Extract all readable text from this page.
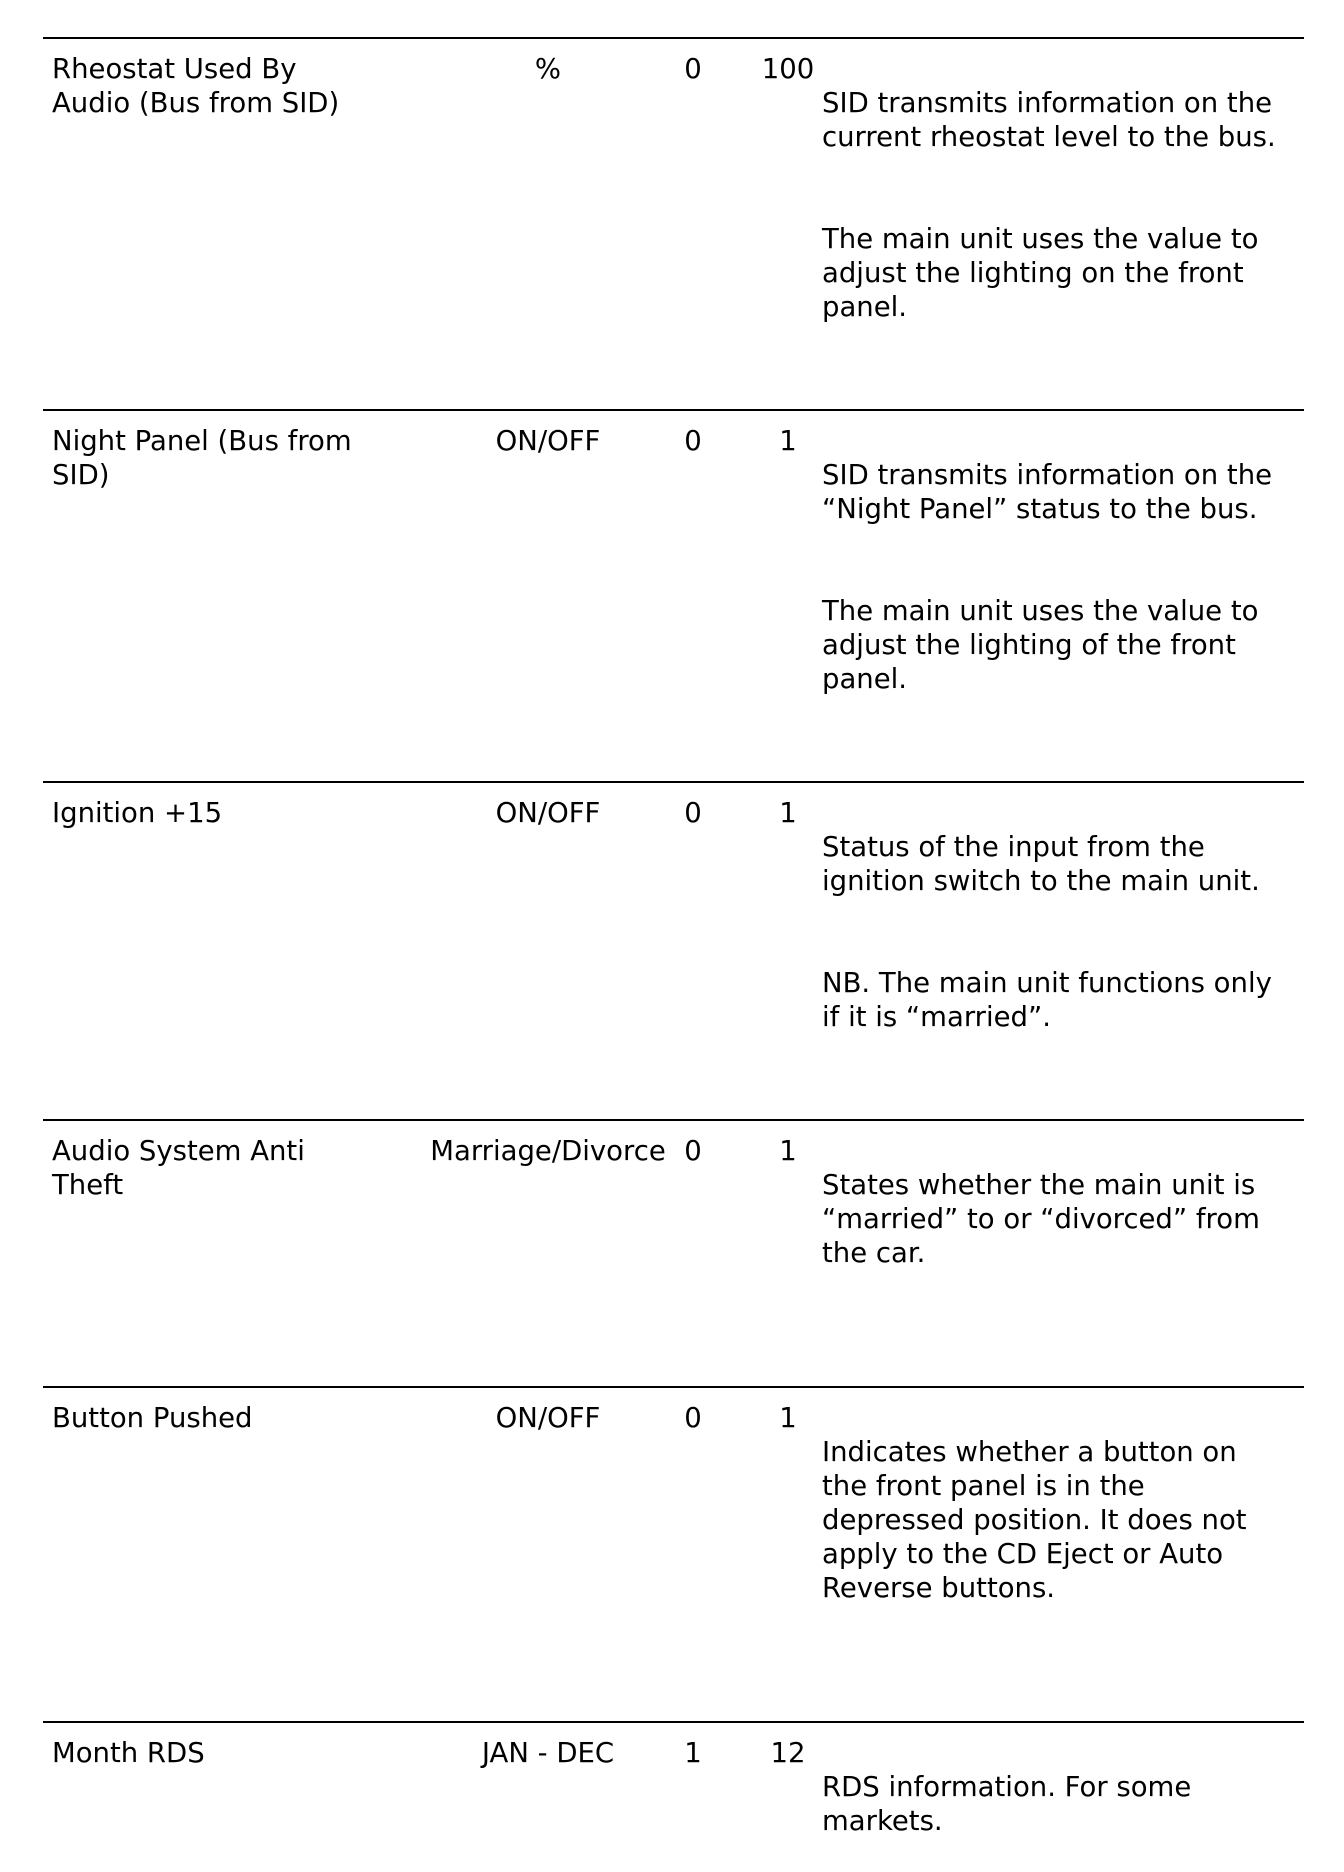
Rheostat Used By
Audio (Bus from SID)
%	0	100

SID transmits information on the
current rheostat level to the bus.

The main unit uses the value to
adjust the lighting on the front
panel.

Night Panel (Bus from
SID)
ON/OFF	0	1

SID transmits information on the
“Night Panel” status to the bus.

The main unit uses the value to
adjust the lighting of the front
panel.

Ignition +15	ON/OFF	0	1

Status of the input from the
ignition switch to the main unit.

NB. The main unit functions only
if it is “married”.

Audio System Anti
Theft
Marriage/Divorce 0	1

States whether the main unit is
“married” to or “divorced” from
the car.

Button Pushed	ON/OFF	0	1

Indicates whether a button on
the front panel is in the
depressed position. It does not
apply to the CD Eject or Auto
Reverse buttons.

Month RDS	JAN - DEC	1	12

RDS information. For some
markets.
